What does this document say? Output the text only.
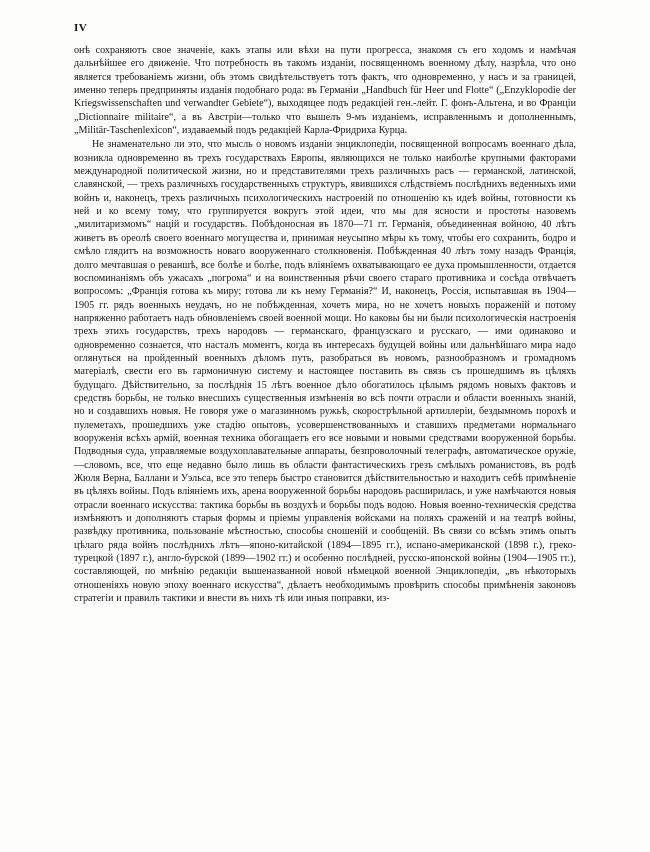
IV

онѣ сохраняютъ свое значеніе, какъ этапы или вѣхи на пути прогресса, знакомя съ его ходомъ и намѣчая дальнѣйшее его движеніе. Что потребность въ такомъ изданіи, посвященномъ военному дѣлу, назрѣла, что оно является требованіемъ жизни, объ этомъ свидѣтельствуетъ тотъ фактъ, что одновременно, у насъ и за границей, именно теперь предприняты изданія подобнаго рода: въ Германіи „Handbuch für Heer und Flotte“ („Enzyklopodie der Kriegswissenschaften und verwandter Gebiete“), выходящее подъ редакціей ген.-лейт. Г. фонъ-Альтена, и во Франціи „Dictionnaire militaire“, а въ Австріи—только что вышелъ 9-мъ изданіемъ, исправленнымъ и дополненнымъ, „Militär-Taschenlexicon“, издаваемый подъ редакціей Карла-Фридриха Курца.

Не знаменательно ли это, что мысль о новомъ изданіи энциклопедіи, посвященной вопросамъ военнаго дѣла, возникла одновременно въ трехъ государствахъ Европы, являющихся не только наиболѣе крупными факторами международной политической жизни, но и представителями трехъ различныхъ расъ — германской, латинской, славянской, — трехъ различныхъ государственныхъ структуръ, явившихся слѣдствіемъ послѣднихъ веденныхъ ими войнъ и, наконецъ, трехъ различныхъ психологическихъ настроеній по отношенію къ идеѣ войны, готовности къ ней и ко всему тому, что группируется вокругъ этой идеи, что мы для ясности и простоты назовемъ „милитаризмомъ“ націй и государствъ. Побѣдоносная въ 1870—71 гг. Германія, объединенная войною, 40 лѣтъ живетъ въ ореолѣ своего военнаго могущества и, принимая неусыпно мѣры къ тому, чтобы его сохранить, бодро и смѣло глядитъ на возможность новаго вооруженнаго столкновенія. Побѣжденная 40 лѣтъ тому назадъ Франція, долго мечтавшая о реваншѣ, все болѣе и болѣе, подъ вліяніемъ охватывающаго ее духа промышленности, отдается воспоминаніямъ объ ужасахъ „погрома“ и на воинственныя рѣчи своего стараго противника и сосѣда отвѣчаетъ вопросомъ: „Франція готова къ миру; готова ли къ нему Германія?“ И, наконецъ, Россія, испытавшая въ 1904—1905 гг. рядъ военныхъ неудачъ, но не побѣжденная, хочетъ мира, но не хочетъ новыхъ пораженій и потому напряженно работаетъ надъ обновленіемъ своей военной мощи. Но каковы бы ни были психологическія настроенія трехъ этихъ государствъ, трехъ народовъ — германскаго, французскаго и русскаго, — ими одинаково и одновременно сознается, что насталъ моментъ, когда въ интересахъ будущей войны или дальнѣйшаго мира надо оглянуться на пройденный военныхъ дѣломъ путь, разобраться въ новомъ, разнообразномъ и громадномъ матеріалѣ, свести его въ гармоничную систему и настоящее поставить въ связь съ прошедшимъ въ цѣляхъ будущаго. Дѣйствительно, за послѣднія 15 лѣтъ военное дѣло обогатилось цѣлымъ рядомъ новыхъ фактовъ и средствъ борьбы, не только внесшихъ существенныя измѣненія во всѣ почти отрасли и области военныхъ знаній, но и создавшихъ новыя. Не говоря уже о магазинномъ ружьѣ, скорострѣльной артиллеріи, бездымномъ порохѣ и пулеметахъ, прошедшихъ уже стадію опытовъ, усовершенствованныхъ и ставшихъ предметами нормальнаго вооруженія всѣхъ армій, военная техника обогащаетъ его все новыми и новыми средствами вооруженной борьбы. Подводныя суда, управляемые воздухоплавательные аппараты, безпроволочный телеграфъ, автоматическое оружіе,—словомъ, все, что еще недавно было лишь въ области фантастическихъ грезъ смѣлыхъ романистовъ, въ родѣ Жюля Верна, Баллани и Уэльса, все это теперь быстро становится дѣйствительностью и находитъ себѣ примѣненіе въ цѣляхъ войны. Подъ вліяніемъ ихъ, арена вооруженной борьбы народовъ расширилась, и уже намѣчаются новыя отрасли военнаго искусства: тактика борьбы въ воздухѣ и борьбы подъ водою. Новыя военно-техническія средства измѣняютъ и дополняютъ старыя формы и пріемы управленія войсками на поляхъ сраженій и на театрѣ войны, развѣдку противника, пользованіе мѣстностью, способы сношеній и сообщеній. Въ связи со всѣмъ этимъ опытъ цѣлаго ряда войнъ послѣднихъ лѣтъ—японо-китайской (1894—1895 гг.), испано-американской (1898 г.), греко-турецкой (1897 г.), англо-бурской (1899—1902 гг.) и особенно послѣдней, русско-японской войны (1904—1905 гг.), составляющей, по мнѣнію редакціи вышеназванной новой нѣмецкой военной Энциклопедіи, „въ нѣкоторыхъ отношеніяхъ новую эпоху военнаго искусства“, дѣлаетъ необходимымъ провѣрить способы примѣненія законовъ стратегіи и правилъ тактики и внести въ нихъ тѣ или иныя поправки, из-
